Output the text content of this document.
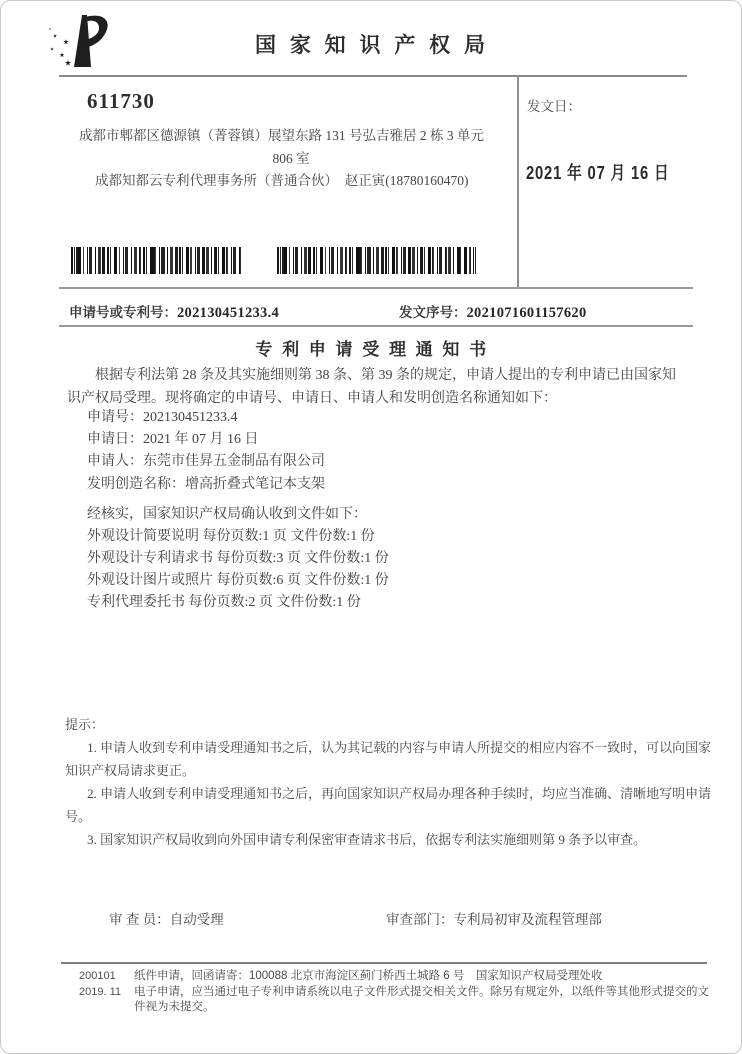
国 家 知 识 产 权 局
611730
成都市郫都区德源镇（菁蓉镇）展望东路 131 号弘吉雅居 2 栋 3 单元
806 室
成都知都云专利代理事务所（普通合伙）　赵正寅(18780160470)
发文日：
2021 年 07 月 16 日
申请号或专利号：202130451233.4	发文序号：2021071601157620
专 利 申 请 受 理 通 知 书

根据专利法第 28 条及其实施细则第 38 条、第 39 条的规定，申请人提出的专利申请已由国家知识产权局受理。现将确定的申请号、申请日、申请人和发明创造名称通知如下：

申请号：202130451233.4
申请日：2021 年 07 月 16 日
申请人：东莞市佳昇五金制品有限公司
发明创造名称：增高折叠式笔记本支架
经核实，国家知识产权局确认收到文件如下：
外观设计简要说明 每份页数:1 页 文件份数:1 份
外观设计专利请求书 每份页数:3 页 文件份数:1 份
外观设计图片或照片 每份页数:6 页 文件份数:1 份
专利代理委托书 每份页数:2 页 文件份数:1 份

提示：

1. 申请人收到专利申请受理通知书之后，认为其记载的内容与申请人所提交的相应内容不一致时，可以向国家知识产权局请求更正。

2. 申请人收到专利申请受理通知书之后，再向国家知识产权局办理各种手续时，均应当准确、清晰地写明申请号。

3. 国家知识产权局收到向外国申请专利保密审查请求书后，依据专利法实施细则第 9 条予以审查。

审 查 员：自动受理	审查部门：专利局初审及流程管理部
200101
2019. 11

纸件申请，回函请寄：100088 北京市海淀区蓟门桥西土城路 6 号　国家知识产权局受理处收

电子申请，应当通过电子专利申请系统以电子文件形式提交相关文件。除另有规定外，以纸件等其他形式提交的文件视为未提交。
